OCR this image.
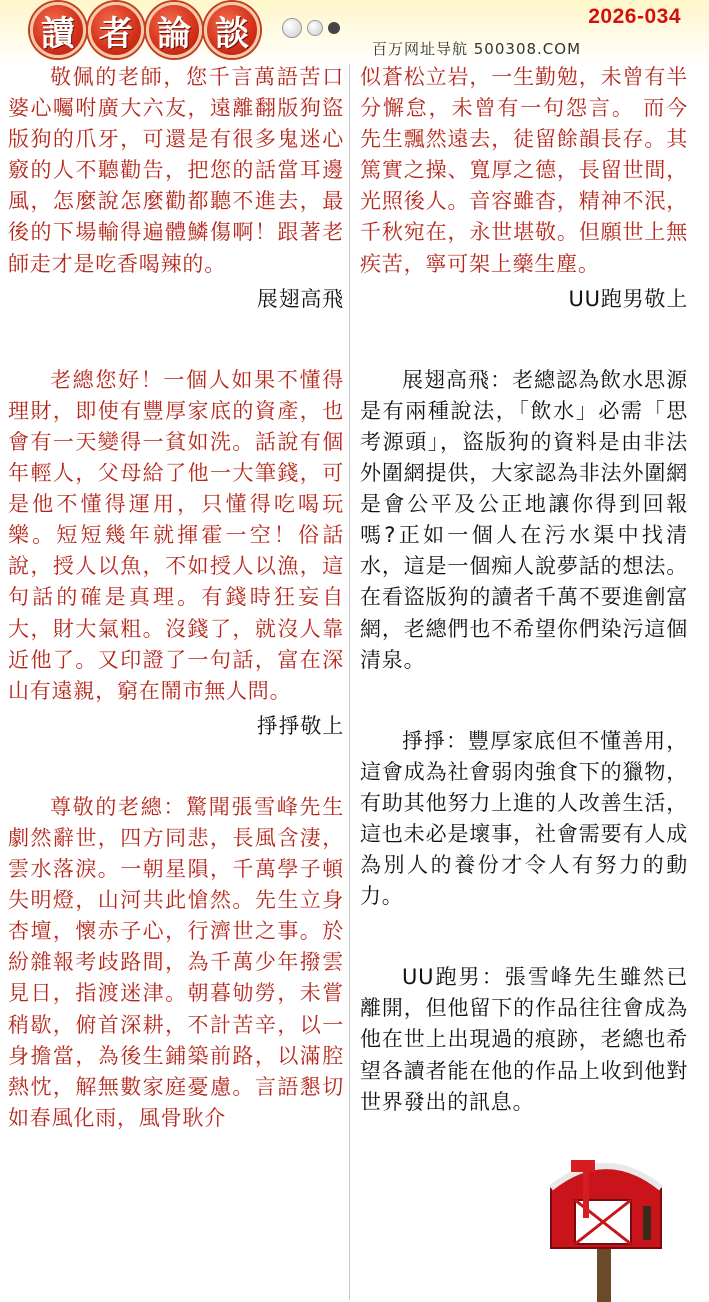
讀 者 論 談	2026-034
百万网址导航 500308.COM

敬佩的老師，您千言萬語苦口婆心囑咐廣大六友，遠離翻版狗盜版狗的爪牙，可還是有很多鬼迷心竅的人不聽勸告，把您的話當耳邊風，怎麼說怎麼勸都聽不進去，最後的下場輸得遍體鱗傷啊！跟著老師走才是吃香喝辣的。

展翅高飛

老總您好！一個人如果不懂得理財，即使有豐厚家底的資產，也會有一天變得一貧如洗。話說有個年輕人，父母給了他一大筆錢，可是他不懂得運用，只懂得吃喝玩樂。短短幾年就揮霍一空！俗話說，授人以魚，不如授人以漁，這句話的確是真理。有錢時狂妄自大，財大氣粗。沒錢了，就沒人靠近他了。又印證了一句話，富在深山有遠親，窮在鬧市無人問。

掙掙敬上

尊敬的老總：驚聞張雪峰先生劇然辭世，四方同悲，長風含淒，雲水落淚。一朝星隕，千萬學子頓失明燈，山河共此愴然。先生立身杏壇，懷赤子心，行濟世之事。於紛雜報考歧路間，為千萬少年撥雲見日，指渡迷津。朝暮劬勞，未嘗稍歇，俯首深耕，不計苦辛，以一身擔當，為後生鋪築前路，以滿腔熱忱，解無數家庭憂慮。言語懇切如春風化雨，風骨耿介

似蒼松立岩，一生勤勉，未曾有半分懈怠，未曾有一句怨言。 而今先生飄然遠去，徒留餘韻長存。其篤實之操、寬厚之德，長留世間，光照後人。音容雖杳，精神不泯，千秋宛在，永世堪敬。但願世上無疾苦，寧可架上藥生塵。

UU跑男敬上

展翅高飛：老總認為飲水思源是有兩種說法，「飲水」必需「思考源頭」，盜版狗的資料是由非法外圍網提供，大家認為非法外圍網是會公平及公正地讓你得到回報嗎?正如一個人在污水渠中找清水，這是一個痴人說夢話的想法。在看盜版狗的讀者千萬不要進劊富網，老總們也不希望你們染污這個清泉。

掙掙：豐厚家底但不懂善用，這會成為社會弱肉強食下的獵物，有助其他努力上進的人改善生活，這也未必是壞事，社會需要有人成為別人的養份才令人有努力的動力。

UU跑男：張雪峰先生雖然已離開，但他留下的作品往往會成為他在世上出現過的痕跡，老總也希望各讀者能在他的作品上收到他對世界發出的訊息。
